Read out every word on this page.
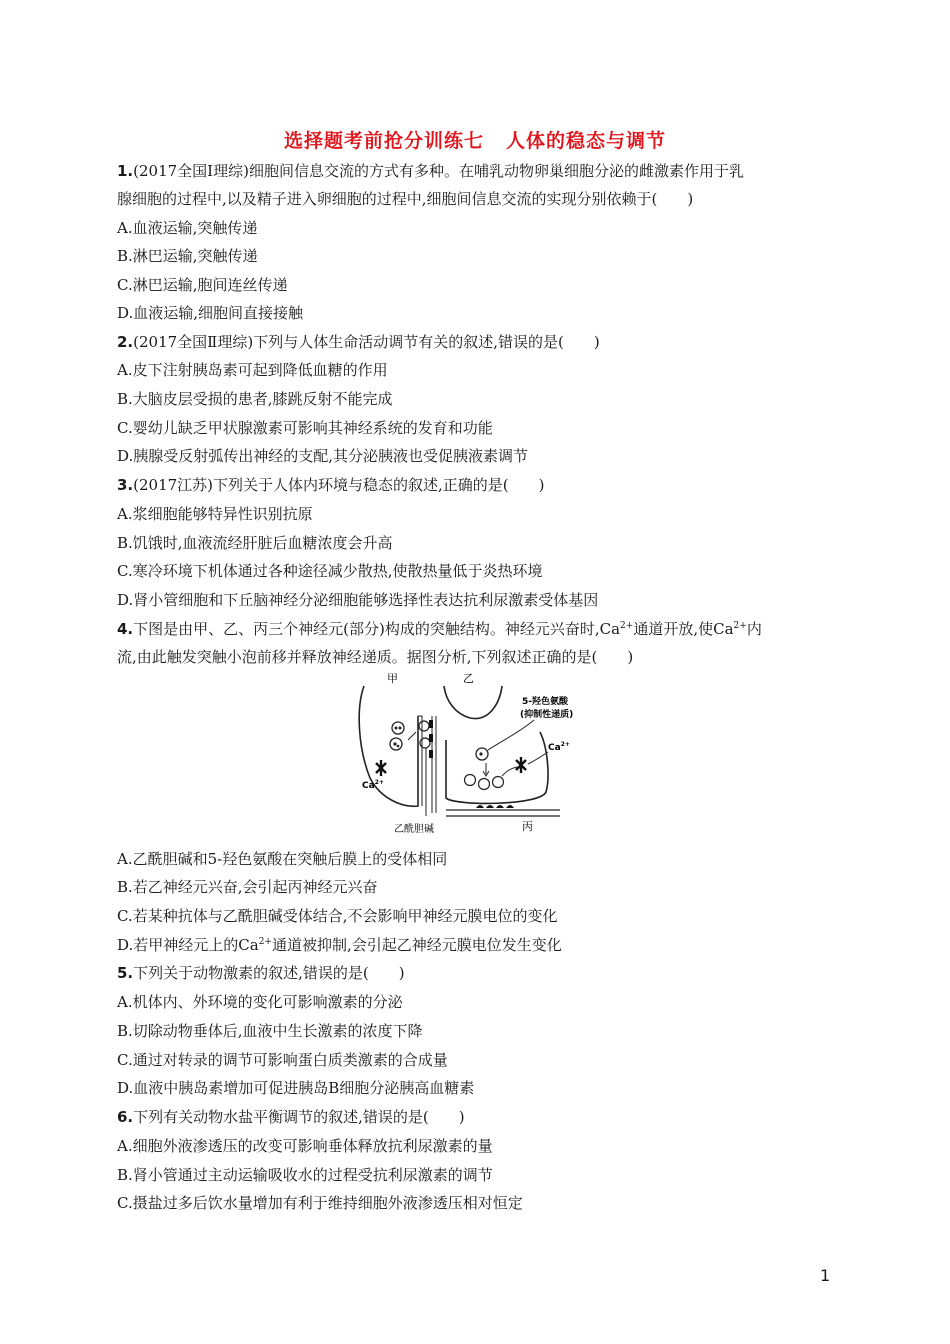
选择题考前抢分训练七 人体的稳态与调节
1.(2017全国Ⅰ理综)细胞间信息交流的方式有多种。在哺乳动物卵巢细胞分泌的雌激素作用于乳
腺细胞的过程中,以及精子进入卵细胞的过程中,细胞间信息交流的实现分别依赖于(　　)
A.血液运输,突触传递
B.淋巴运输,突触传递
C.淋巴运输,胞间连丝传递
D.血液运输,细胞间直接接触
2.(2017全国Ⅱ理综)下列与人体生命活动调节有关的叙述,错误的是(　　)
A.皮下注射胰岛素可起到降低血糖的作用
B.大脑皮层受损的患者,膝跳反射不能完成
C.婴幼儿缺乏甲状腺激素可影响其神经系统的发育和功能
D.胰腺受反射弧传出神经的支配,其分泌胰液也受促胰液素调节
3.(2017江苏)下列关于人体内环境与稳态的叙述,正确的是(　　)
A.浆细胞能够特异性识别抗原
B.饥饿时,血液流经肝脏后血糖浓度会升高
C.寒冷环境下机体通过各种途径减少散热,使散热量低于炎热环境
D.肾小管细胞和下丘脑神经分泌细胞能够选择性表达抗利尿激素受体基因
4.下图是由甲、乙、丙三个神经元(部分)构成的突触结构。神经元兴奋时$,Ca^{2+}$通道开放,使$Ca^{2+}$内
流,由此触发突触小泡前移并释放神经递质。据图分析,下列叙述正确的是(　　)
甲	乙
$Ca^{2+}$
$Ca^{2+}$
5-羟色氨酸
(抑制性递质)
丙
乙酰胆碱
A.乙酰胆碱和5-羟色氨酸在突触后膜上的受体相同
B.若乙神经元兴奋,会引起丙神经元兴奋
C.若某种抗体与乙酰胆碱受体结合,不会影响甲神经元膜电位的变化
D.若甲神经元上的$Ca^{2+}$通道被抑制,会引起乙神经元膜电位发生变化
5.下列关于动物激素的叙述,错误的是(　　)
A.机体内、外环境的变化可影响激素的分泌
B.切除动物垂体后,血液中生长激素的浓度下降
C.通过对转录的调节可影响蛋白质类激素的合成量
D.血液中胰岛素增加可促进胰岛B细胞分泌胰高血糖素
6.下列有关动物水盐平衡调节的叙述,错误的是(　　)
A.细胞外液渗透压的改变可影响垂体释放抗利尿激素的量
B.肾小管通过主动运输吸收水的过程受抗利尿激素的调节
C.摄盐过多后饮水量增加有利于维持细胞外液渗透压相对恒定
1
